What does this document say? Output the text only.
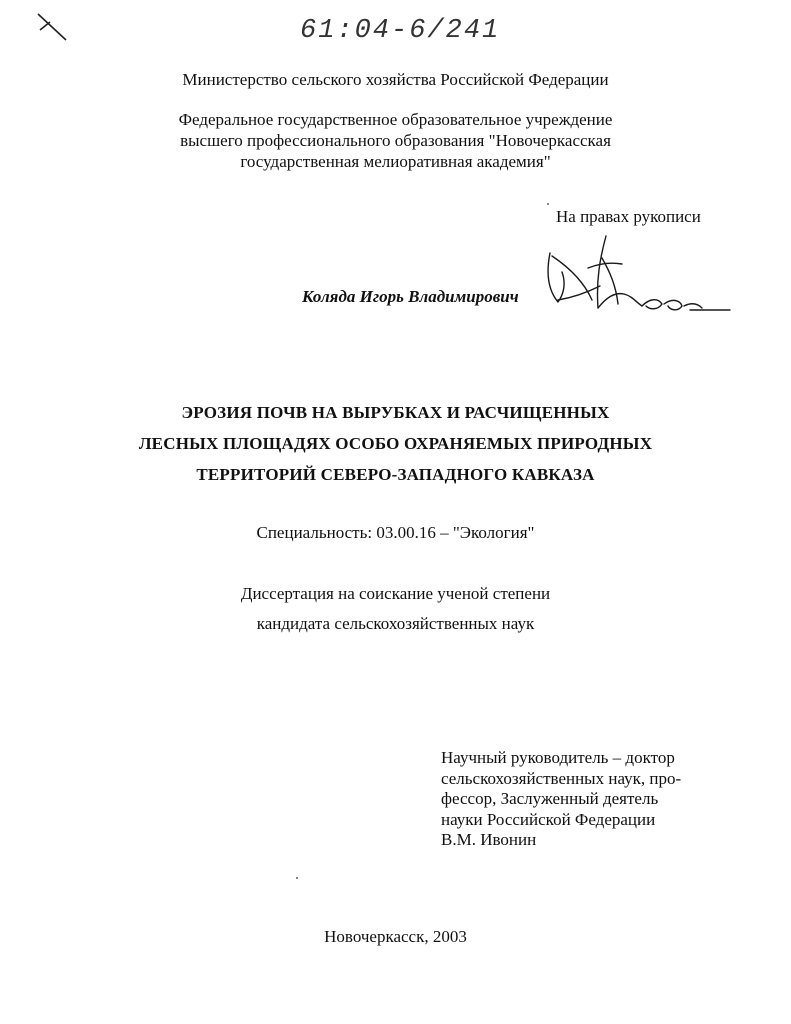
61:04-6/241
Министерство сельского хозяйства Российской Федерации
Федеральное государственное образовательное учреждение
высшего профессионального образования "Новочеркасская
государственная мелиоративная академия"
На правах рукописи
Коляда Игорь Владимирович
ЭРОЗИЯ ПОЧВ НА ВЫРУБКАХ И РАСЧИЩЕННЫХ
ЛЕСНЫХ ПЛОЩАДЯХ ОСОБО ОХРАНЯЕМЫХ ПРИРОДНЫХ
ТЕРРИТОРИЙ СЕВЕРО-ЗАПАДНОГО КАВКАЗА
Специальность: 03.00.16 – "Экология"
Диссертация на соискание ученой степени
кандидата сельскохозяйственных наук
Научный руководитель – доктор
сельскохозяйственных наук, про-
фессор, Заслуженный деятель
науки Российской Федерации
В.М. Ивонин
Новочеркасск, 2003
